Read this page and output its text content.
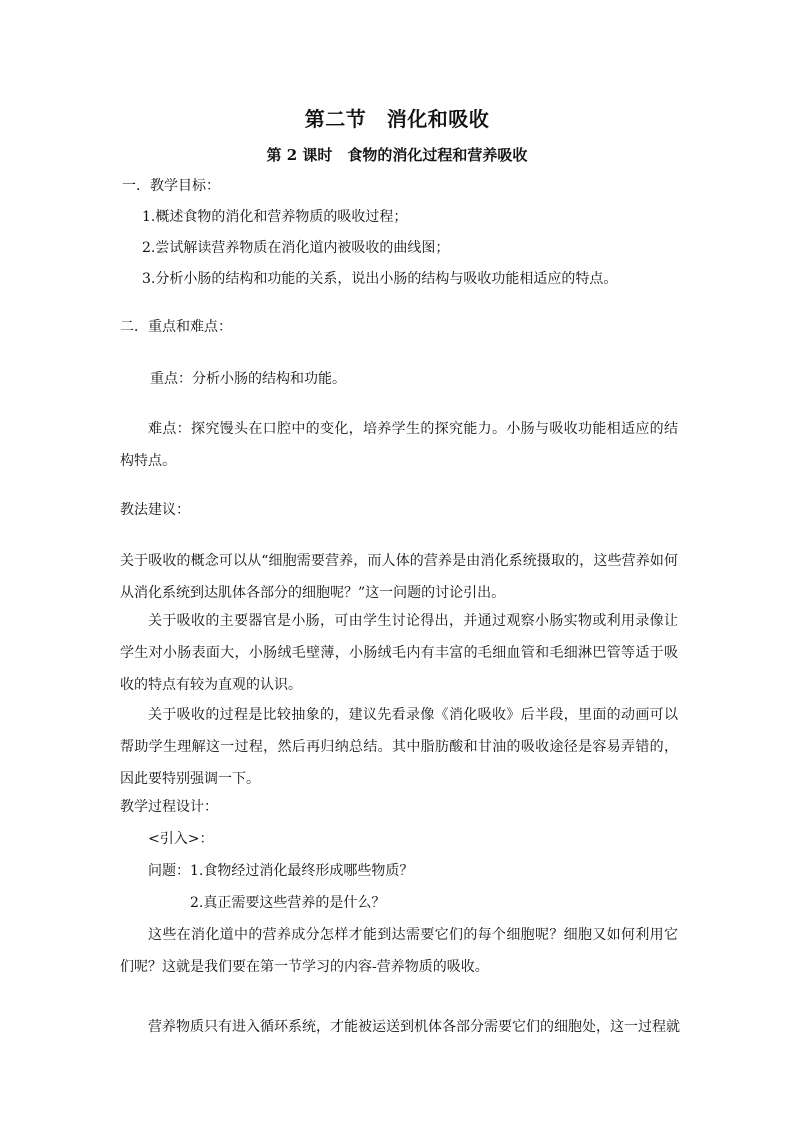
第二节　消化和吸收
第 2 课时　食物的消化过程和营养吸收
一．教学目标：
1.概述食物的消化和营养物质的吸收过程；
2.尝试解读营养物质在消化道内被吸收的曲线图；
3.分析小肠的结构和功能的关系，说出小肠的结构与吸收功能相适应的特点。
二．重点和难点：
重点：分析小肠的结构和功能。
难点：探究馒头在口腔中的变化，培养学生的探究能力。小肠与吸收功能相适应的结构特点。
教法建议：
关于吸收的概念可以从“细胞需要营养，而人体的营养是由消化系统摄取的，这些营养如何从消化系统到达肌体各部分的细胞呢？”这一问题的讨论引出。
关于吸收的主要器官是小肠，可由学生讨论得出，并通过观察小肠实物或利用录像让学生对小肠表面大，小肠绒毛壁薄，小肠绒毛内有丰富的毛细血管和毛细淋巴管等适于吸收的特点有较为直观的认识。
关于吸收的过程是比较抽象的，建议先看录像《消化吸收》后半段，里面的动画可以帮助学生理解这一过程，然后再归纳总结。其中脂肪酸和甘油的吸收途径是容易弄错的，因此要特别强调一下。
教学过程设计：
<引入>：
问题：1.食物经过消化最终形成哪些物质？
2.真正需要这些营养的是什么？
这些在消化道中的营养成分怎样才能到达需要它们的每个细胞呢？细胞又如何利用它们呢？这就是我们要在第一节学习的内容-营养物质的吸收。
营养物质只有进入循环系统，才能被运送到机体各部分需要它们的细胞处，这一过程就
